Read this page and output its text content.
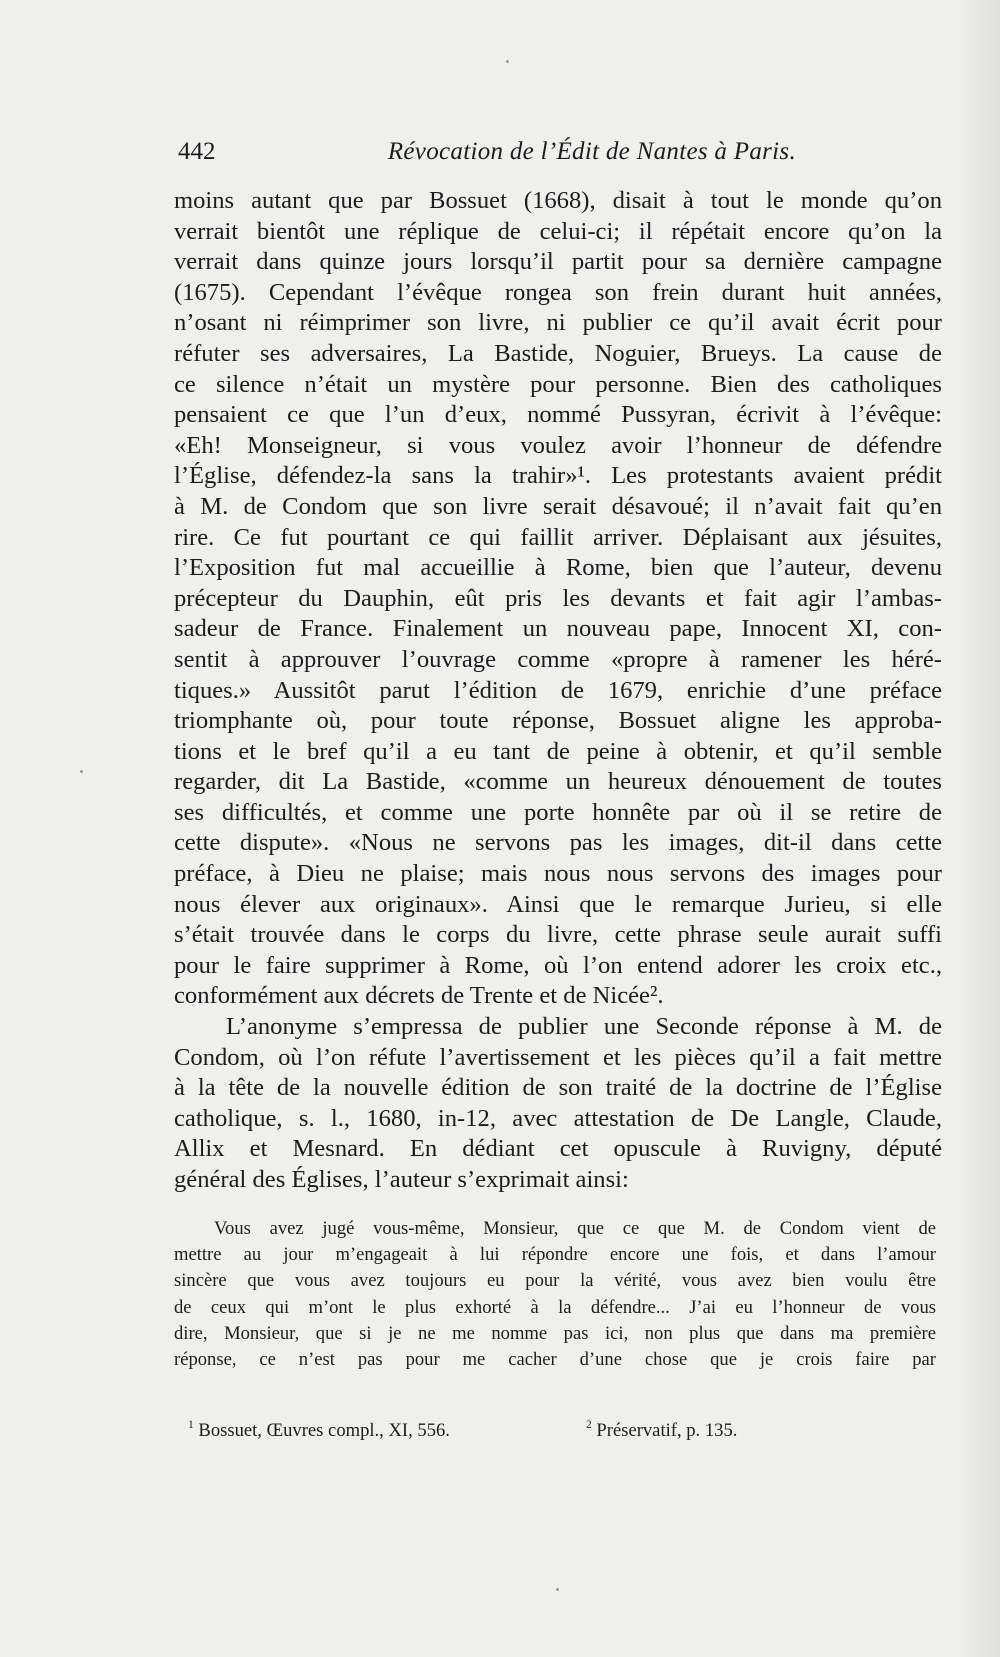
442	Révocation de l’Édit de Nantes à Paris.
moins autant que par Bossuet (1668), disait à tout le monde qu’on
verrait bientôt une réplique de celui-ci; il répétait encore qu’on la
verrait dans quinze jours lorsqu’il partit pour sa dernière campagne
(1675). Cependant l’évêque rongea son frein durant huit années,
n’osant ni réimprimer son livre, ni publier ce qu’il avait écrit pour
réfuter ses adversaires, La Bastide, Noguier, Brueys. La cause de
ce silence n’était un mystère pour personne. Bien des catholiques
pensaient ce que l’un d’eux, nommé Pussyran, écrivit à l’évêque:
«Eh! Monseigneur, si vous voulez avoir l’honneur de défendre
l’Église, défendez-la sans la trahir»¹. Les protestants avaient prédit
à M. de Condom que son livre serait désavoué; il n’avait fait qu’en
rire. Ce fut pourtant ce qui faillit arriver. Déplaisant aux jésuites,
l’Exposition fut mal accueillie à Rome, bien que l’auteur, devenu
précepteur du Dauphin, eût pris les devants et fait agir l’ambas-
sadeur de France. Finalement un nouveau pape, Innocent XI, con-
sentit à approuver l’ouvrage comme «propre à ramener les héré-
tiques.» Aussitôt parut l’édition de 1679, enrichie d’une préface
triomphante où, pour toute réponse, Bossuet aligne les approba-
tions et le bref qu’il a eu tant de peine à obtenir, et qu’il semble
regarder, dit La Bastide, «comme un heureux dénouement de toutes
ses difficultés, et comme une porte honnête par où il se retire de
cette dispute». «Nous ne servons pas les images, dit-il dans cette
préface, à Dieu ne plaise; mais nous nous servons des images pour
nous élever aux originaux». Ainsi que le remarque Jurieu, si elle
s’était trouvée dans le corps du livre, cette phrase seule aurait suffi
pour le faire supprimer à Rome, où l’on entend adorer les croix etc.,
conformément aux décrets de Trente et de Nicée².
L’anonyme s’empressa de publier une Seconde réponse à M. de
Condom, où l’on réfute l’avertissement et les pièces qu’il a fait mettre
à la tête de la nouvelle édition de son traité de la doctrine de l’Église
catholique, s. l., 1680, in-12, avec attestation de De Langle, Claude,
Allix et Mesnard. En dédiant cet opuscule à Ruvigny, député
général des Églises, l’auteur s’exprimait ainsi:
Vous avez jugé vous-même, Monsieur, que ce que M. de Condom vient de
mettre au jour m’engageait à lui répondre encore une fois, et dans l’amour
sincère que vous avez toujours eu pour la vérité, vous avez bien voulu être
de ceux qui m’ont le plus exhorté à la défendre... J’ai eu l’honneur de vous
dire, Monsieur, que si je ne me nomme pas ici, non plus que dans ma première
réponse, ce n’est pas pour me cacher d’une chose que je crois faire par
$^1$ Bossuet, Œuvres compl., XI, 556.	$^2$ Préservatif, p. 135.
